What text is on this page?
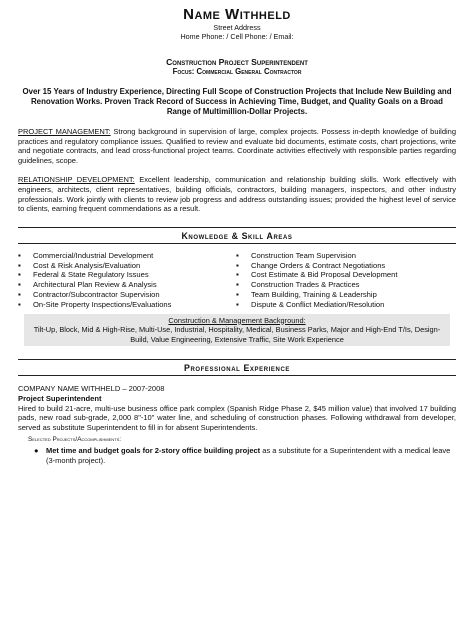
Name Withheld
Street Address
Home Phone: / Cell Phone: / Email:
Construction Project Superintendent
Focus: Commercial General Contractor
Over 15 Years of Industry Experience, Directing Full Scope of Construction Projects that Include New Building and Renovation Works. Proven Track Record of Success in Achieving Time, Budget, and Quality Goals on a Broad Range of Multimillion-Dollar Projects.

PROJECT MANAGEMENT: Strong background in supervision of large, complex projects. Possess in-depth knowledge of building practices and regulatory compliance issues. Qualified to review and evaluate bid documents, estimate costs, chart projections, write and negotiate contracts, and lead cross-functional project teams. Coordinate activities effectively with responsible parties regarding guidelines, scope.

RELATIONSHIP DEVELOPMENT: Excellent leadership, communication and relationship building skills. Work effectively with engineers, architects, client representatives, building officials, contractors, building managers, inspectors, and other industry professionals. Work jointly with clients to review job progress and address outstanding issues; provided the highest level of service to clients, earning frequent commendations as a result.

Knowledge & Skill Areas
▪ Commercial/Industrial Development
▪ Cost & Risk Analysis/Evaluation
▪ Federal & State Regulatory Issues
▪ Architectural Plan Review & Analysis
▪ Contractor/Subcontractor Supervision
▪ On-Site Property Inspections/Evaluations
▪ Construction Team Supervision
▪ Change Orders & Contract Negotiations
▪ Cost Estimate & Bid Proposal Development
▪ Construction Trades & Practices
▪ Team Building, Training & Leadership
▪ Dispute & Conflict Mediation/Resolution
Construction & Management Background:
Tilt-Up, Block, Mid & High-Rise, Multi-Use, Industrial, Hospitality, Medical, Business Parks, Major and High-End T/Is, Design-Build, Value Engineering, Extensive Traffic, Site Work Experience
Professional Experience
COMPANY NAME WITHHELD – 2007-2008
Project Superintendent

Hired to build 21-acre, multi-use business office park complex (Spanish Ridge Phase 2, $45 million value) that involved 17 building pads, new road sub-grade, 2,000 8"-10" water line, and scheduling of construction phases. Following withdrawal from developer, served as substitute Superintendent to fill in for absent Superintendents.

Selected Projects/Accomplishments:
● Met time and budget goals for 2-story office building project as a substitute for a Superintendent with a medical leave (3-month project).
